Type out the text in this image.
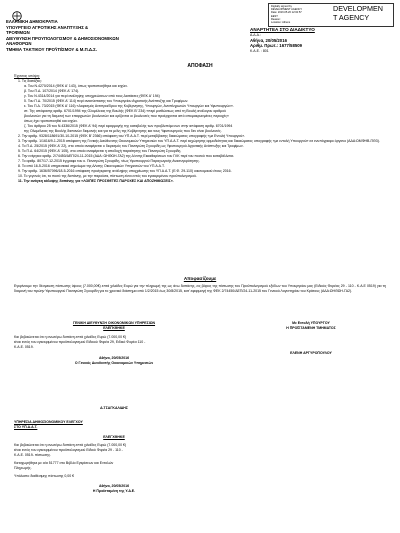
ΕΛΛΗΝΙΚΗ ΔΗΜΟΚΡΑΤΙΑ
ΥΠΟΥΡΓΕΙΟ ΑΓΡΟΤΙΚΗΣ ΑΝΑΠΤΥΞΗΣ &
ΤΡΟΦΙΜΩΝ
ΔΙΕΥΘΥΝΣΗ ΠΡΟΥΠΟΛΟΓΙΣΜΟΥ & ΔΗΜΟΣΙΟΝΟΜΙΚΩΝ
ΑΝΑΦΟΡΩΝ
ΤΜΗΜΑ ΤΑΚΤΙΚΟΥ ΠΡΟΫΠ/ΣΜΟΥ & Μ.Π.Δ.Σ.
Digitally signed by
DEVELOPMENT AGENCY
Date: 2016.05.20 12:02:57
EEST
Reason:
Location: Athens
DEVELOPMEN
T AGENCY
ΑΝΑΡΤΗΤΕΑ ΣΤΟ ΔΙΑΔΙΚΤΥΟ
Α.Δ.Α.:
Αθήνα, 20/05/2016
Αριθμ. Πρωτ.: 1677/58509
Κ.Α.Ε. : 801
ΑΠΟΦΑΣΗ
Έχοντας υπόψη:
1. Τις διατάξεις:
α. Του Ν.4270/2014 (ΦΕΚ Α' 143), όπως τροποποιήθηκε και ισχύει.
β. Του Π.Δ. 107/2014 (ΦΕΚ Α' 174).
γ. Του Ν.4314/2014 για περί ανάληψης υποχρεώσεων από τους Διατάκτες (ΦΕΚ Α' 194)
δ. Του Π.Δ. 70/2015 (ΦΕΚ Α' 114) περί ανασύστασης του Υπουργείου Αγροτικής Ανάπτυξης και Τροφίμων.
ε. Του Π.Δ. 73/2015 (ΦΕΚ Α' 116) «Διορισμός Αντιπροέδρου της Κυβέρνησης, Υπουργών, Αναπληρωτών Υπουργών και Υφυπουργών».
στ. Της απόφασης αριθμ. 6701/1994 της Ολομέλειας της Βουλής (ΦΕΚ Β' 234) «περί μισθώσεως από τη Βουλή ανάλογου αριθμού
βουλευτών για τη διαμονή των επαρχιωτών βουλευτών και ορίζονται οι βουλευτές που προέρχονται από απομακρυσμένες περιοχές»
όπως έχει τροποποιηθεί και ισχύει.
ζ. Του άρθρου 25 του Ν.4336/2015 (ΦΕΚ Α' 94) περί εφαρμογής της καταβολής των προβλεπόμενων στην απόφαση αριθμ. 6701/1994
της Ολομέλειας της Βουλής δαπανών διαμονής και για τα μέλη της Κυβέρνησης και τους Υφυπουργούς που δεν είναι βουλευτές.
2. Την αριθμ. 9328/118691/30-10-2015 (ΦΕΚ Β' 2366) απόφαση του ΥΠ.Α.Α.Τ. περί μεταβίβασης δικαιώματος υπογραφής «με Εντολή Υπουργού».
3. Την αριθμ. 1/1616/9-1-2015 απόφαση της Γενικής Διεύθυνσης Οικονομικών Υπηρεσιών του ΥΠ.Α.Α.Τ. περί εκχώρησης αρμοδιότητας και δικαιώματος υπογραφής «με εντολή Υπουργού» σε ενυπόγραφο όργανο (ΑΔΑ:ΩΜΦΗΒ-ΠΘ3).
4. Το Π.Δ. 25/2015 (ΦΕΚ Α' 22), στο οποίο αναφέρεται ο διορισμός του Παναγιώτη Σγουρίδη ως Υφυπουργού Αγροτικής Ανάπτυξης και Τροφίμων.
5. Το Π.Δ. 64/2015 (ΦΕΚ Α' 105), στο οποίο αναφέρεται η αποδοχή παραίτησης του Παναγιώτη Σγουρίδη.
6. Την ενέργεια αριθμ. 2/74450/ΔΕΠ/24-11-2015 (ΑΔΑ: ΩΗΘΩΗ-ΓΑ2) της Δ/νσης Εκκαθαρίσεων του ΓΛΚ περί του ποσού που καταβάλλεται.
7. Το αριθμ. 807/17-12-2015 έγγραφο του κ. Παναγιώτη Σγουρίδη, τέως Υφυπουργού Παραγωγικής Ανασυγκρότησης.
8. Το από 16-5-2016 υπηρεσιακό σημείωμα της Δ/νσης Οικονομικών Υπηρεσιών του ΥΠ.Α.Α.Τ.
9. Την αριθμ. 1636/57096/18-5-2016 απόφαση προέγκρισης ανάληψης υποχρέωσης του ΥΠ.Α.Α.Τ. (Ε.Φ. 29-110) οικονομικού έτους 2016.
10. Το γεγονός ότι, το ποσό της δαπάνης, με την παρούσα, πίστωση είναι εντός του εγκεκριμένου προϋπολογισμού.
11. Την ανάγκη κάλυψης δαπάνης για «ΛΟΙΠΕΣ ΠΡΟΣΘΕΤΕΣ ΠΑΡΟΧΕΣ ΚΑΙ ΑΠΟΖΗΜΙΩΣΕΙΣ».
Αποφασίζουμε
Εγκρίνουμε την δέσμευση πίστωσης ύψους (7.000,00€) επτά χιλιάδες Ευρώ για την πληρωμή της ως άνω δαπάνης, εις βάρος της πίστωσης του Προϋπολογισμού εξόδων του Υπουργείου μας (Ειδικός Φορέας 29 - 110 - Κ.Α.Ε 0519) για τη διαμονή του πρώην Υφυπουργού Παναγιώτη Σγουρίδη για το χρονικό διάστημα από 1/2/2015 έως 30/8/2015, κατ' εφαρμογή της ΦΕΚ 2/74450/ΔΕΠ/24-11-2015 του Γενικού Λογιστηρίου του Κράτους (ΑΔΑ:ΩΗΘΩΗ-ΓΑ2).
ΓΕΝΙΚΗ ΔΙΕΥΘΥΝΣΗ ΟΙΚΟΝΟΜΙΚΩΝ ΥΠΗΡΕΣΙΩΝ
ΕΛΕΓΚΘΗΚΕ
Και βεβαιώνεται ότι η ανωτέρω δαπάνη επτά χιλιάδες Ευρώ (7.000,00 €)
είναι εντός του εγκεκριμένου προϋπολογισμού Ειδικού Φορέα 29, Ειδικό Φορέα 110 -
Κ.Α.Ε. 0519.
Αθήνα, 20/05/2016
Ο Γενικός Διευθυντής Οικονομικών Υπηρεσιών
Με Εντολή ΥΠΟΥΡΓΟΥ
Η ΠΡΟΪΣΤΑΜΕΝΗ ΤΜΗΜΑΤΟΣ
ΕΛΕΝΗ ΑΡΓΥΡΟΠΟΥΛΟΥ
Δ.ΤΣΑΓΚΑΛΙΔΗΣ
ΥΠΗΡΕΣΙΑ ΔΗΜΟΣΙΟΝΟΜΙΚΟΥ ΕΛΕΓΧΟΥ
ΣΤΟ ΥΠ.Α.Α.Τ.
ΕΛΕΓΧΘΗΚΕ
Και βεβαιώνεται ότι η ανωτέρω δαπάνη επτά χιλιάδες Ευρώ (7.000,00 €)
είναι εντός του εγκεκριμένου προϋπολογισμού Ειδικό Φορέα 29 - 110 -
Κ.Α.Ε. 0519- πίστωσης.
Καταχωρήθηκε με α/α 51777 στο Βιβλίο Εγκρίσεων και Εντολών
Πληρωμής.
Υπόλοιπο διαθέσιμης πίστωσης 0,00 €
Αθήνα, 20/05/2016
Η Προϊσταμένη της Υ.Δ.Ε.
